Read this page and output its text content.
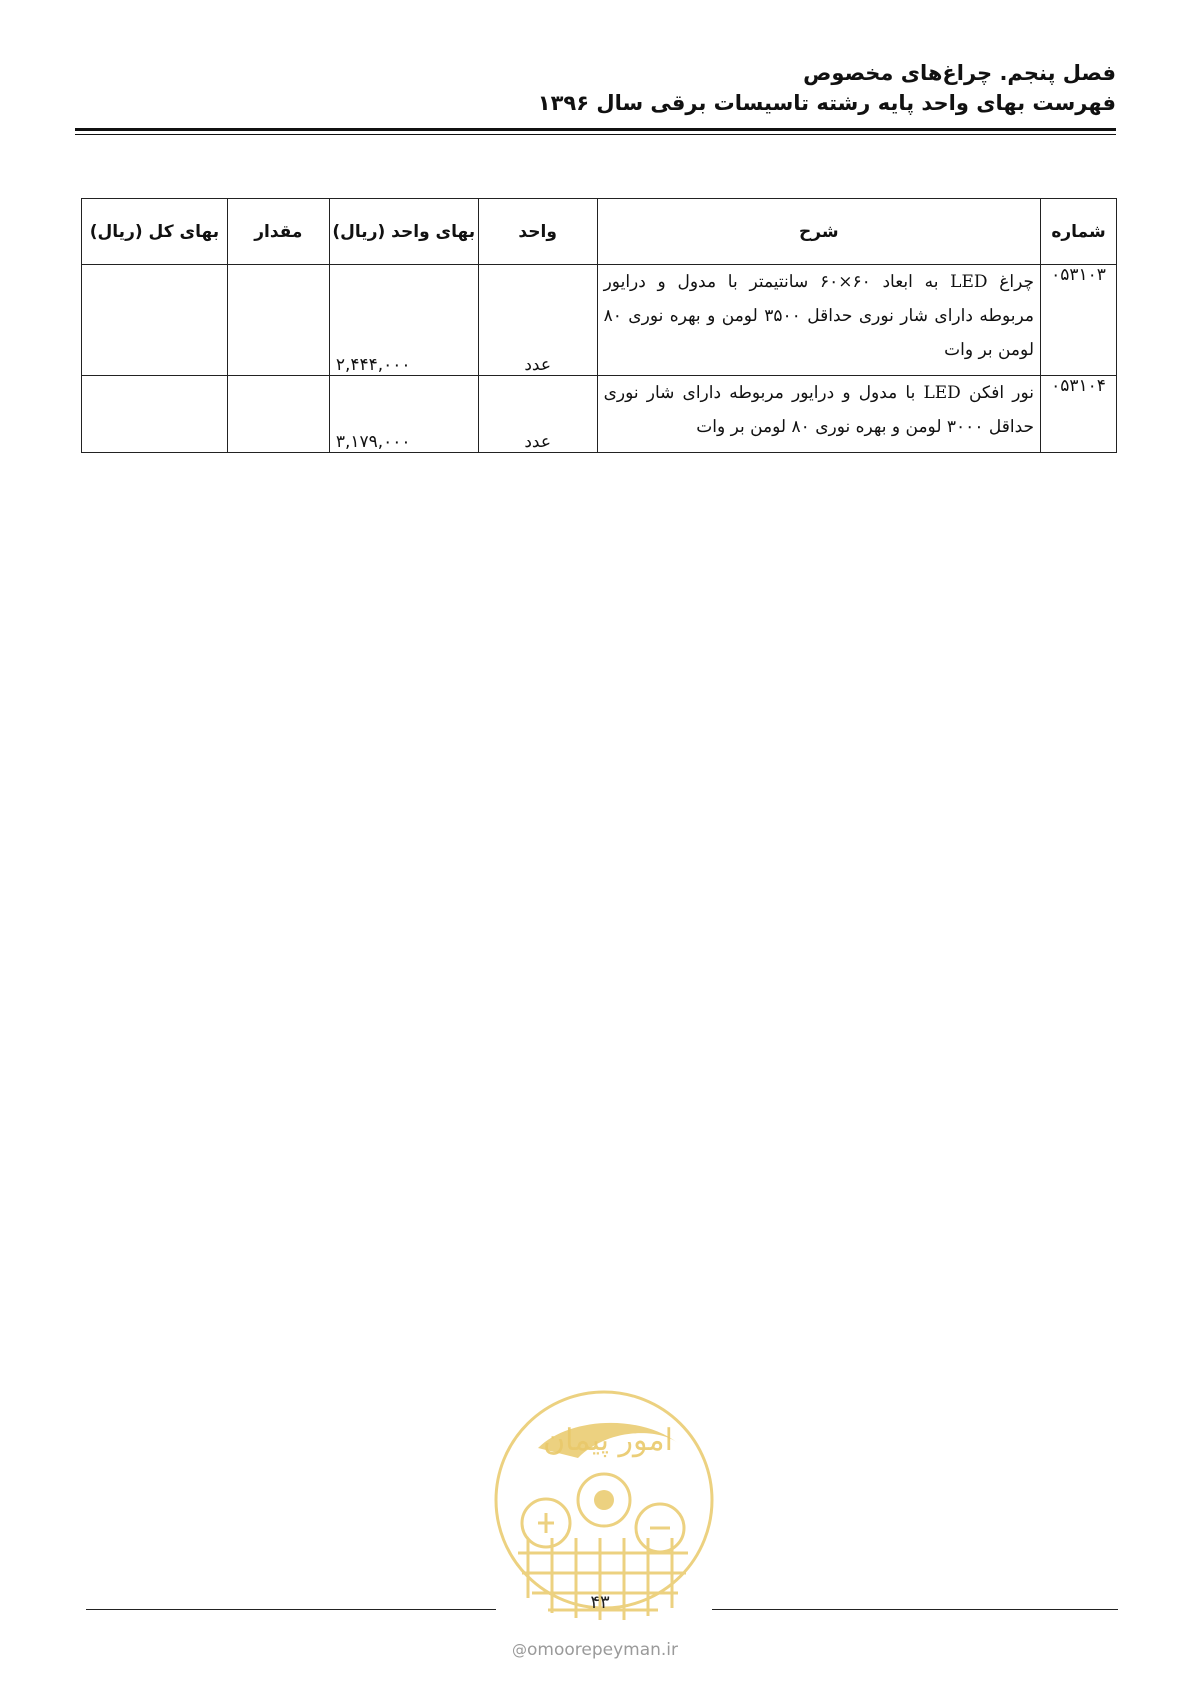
فصل پنجم. چراغ‌های مخصوص
فهرست بهای واحد پایه رشته تاسیسات برقی سال ۱۳۹۶
شماره	شرح	واحد	بهای واحد (ریال)	مقدار	بهای کل (ریال)
۰۵۳۱۰۳	چراغ LED به ابعاد ۶۰×۶۰ سانتیمتر با مدول و درایور مربوطه دارای شار نوری حداقل ۳۵۰۰ لومن و بهره نوری ۸۰ لومن بر وات	عدد	۲,۴۴۴,۰۰۰		
۰۵۳۱۰۴	نور افکن LED با مدول و درایور مربوطه دارای شار نوری حداقل ۳۰۰۰ لومن و بهره نوری ۸۰ لومن بر وات	عدد	۳,۱۷۹,۰۰۰		
امور پیمان
۴۳
@omoorepeyman.ir
